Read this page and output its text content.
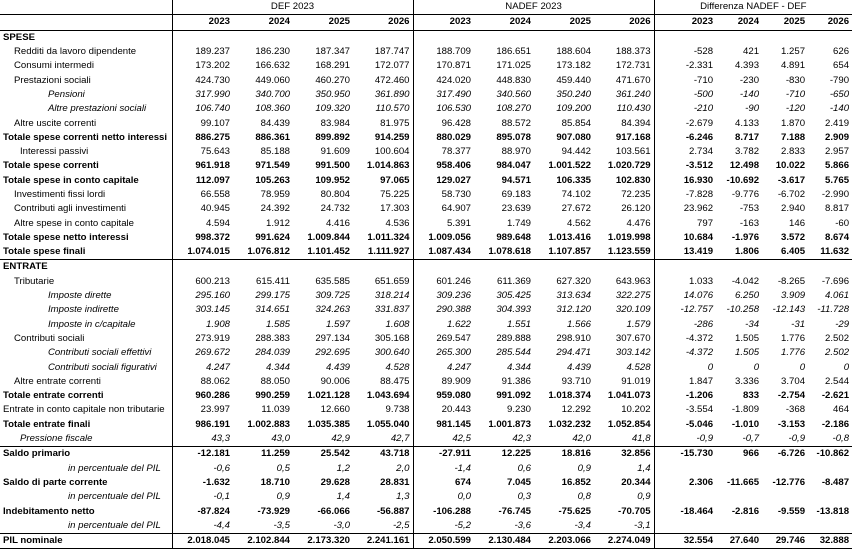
	DEF 2023				NADEF 2023				Differenza NADEF - DEF			
	2023	2024	2025	2026	2023	2024	2025	2026	2023	2024	2025	2026
SPESE												
Redditi da lavoro dipendente	189.237	186.230	187.347	187.747	188.709	186.651	188.604	188.373	-528	421	1.257	626
Consumi intermedi	173.202	166.632	168.291	172.077	170.871	171.025	173.182	172.731	-2.331	4.393	4.891	654
Prestazioni sociali	424.730	449.060	460.270	472.460	424.020	448.830	459.440	471.670	-710	-230	-830	-790
Pensioni	317.990	340.700	350.950	361.890	317.490	340.560	350.240	361.240	-500	-140	-710	-650
Altre prestazioni sociali	106.740	108.360	109.320	110.570	106.530	108.270	109.200	110.430	-210	-90	-120	-140
Altre uscite correnti	99.107	84.439	83.984	81.975	96.428	88.572	85.854	84.394	-2.679	4.133	1.870	2.419
Totale spese correnti netto interessi	886.275	886.361	899.892	914.259	880.029	895.078	907.080	917.168	-6.246	8.717	7.188	2.909
Interessi passivi	75.643	85.188	91.609	100.604	78.377	88.970	94.442	103.561	2.734	3.782	2.833	2.957
Totale spese correnti	961.918	971.549	991.500	1.014.863	958.406	984.047	1.001.522	1.020.729	-3.512	12.498	10.022	5.866
Totale spese in conto capitale	112.097	105.263	109.952	97.065	129.027	94.571	106.335	102.830	16.930	-10.692	-3.617	5.765
Investimenti fissi lordi	66.558	78.959	80.804	75.225	58.730	69.183	74.102	72.235	-7.828	-9.776	-6.702	-2.990
Contributi agli investimenti	40.945	24.392	24.732	17.303	64.907	23.639	27.672	26.120	23.962	-753	2.940	8.817
Altre spese in conto capitale	4.594	1.912	4.416	4.536	5.391	1.749	4.562	4.476	797	-163	146	-60
Totale spese netto interessi	998.372	991.624	1.009.844	1.011.324	1.009.056	989.648	1.013.416	1.019.998	10.684	-1.976	3.572	8.674
Totale spese finali	1.074.015	1.076.812	1.101.452	1.111.927	1.087.434	1.078.618	1.107.857	1.123.559	13.419	1.806	6.405	11.632
ENTRATE												
Tributarie	600.213	615.411	635.585	651.659	601.246	611.369	627.320	643.963	1.033	-4.042	-8.265	-7.696
Imposte dirette	295.160	299.175	309.725	318.214	309.236	305.425	313.634	322.275	14.076	6.250	3.909	4.061
Imposte indirette	303.145	314.651	324.263	331.837	290.388	304.393	312.120	320.109	-12.757	-10.258	-12.143	-11.728
Imposte in c/capitale	1.908	1.585	1.597	1.608	1.622	1.551	1.566	1.579	-286	-34	-31	-29
Contributi sociali	273.919	288.383	297.134	305.168	269.547	289.888	298.910	307.670	-4.372	1.505	1.776	2.502
Contributi sociali effettivi	269.672	284.039	292.695	300.640	265.300	285.544	294.471	303.142	-4.372	1.505	1.776	2.502
Contributi sociali figurativi	4.247	4.344	4.439	4.528	4.247	4.344	4.439	4.528	0	0	0	0
Altre entrate correnti	88.062	88.050	90.006	88.475	89.909	91.386	93.710	91.019	1.847	3.336	3.704	2.544
Totale entrate correnti	960.286	990.259	1.021.128	1.043.694	959.080	991.092	1.018.374	1.041.073	-1.206	833	-2.754	-2.621
Entrate in conto capitale non tributarie	23.997	11.039	12.660	9.738	20.443	9.230	12.292	10.202	-3.554	-1.809	-368	464
Totale entrate finali	986.191	1.002.883	1.035.385	1.055.040	981.145	1.001.873	1.032.232	1.052.854	-5.046	-1.010	-3.153	-2.186
Pressione fiscale	43,3	43,0	42,9	42,7	42,5	42,3	42,0	41,8	-0,9	-0,7	-0,9	-0,8
Saldo primario	-12.181	11.259	25.542	43.718	-27.911	12.225	18.816	32.856	-15.730	966	-6.726	-10.862
in percentuale del PIL	-0,6	0,5	1,2	2,0	-1,4	0,6	0,9	1,4				
Saldo di parte corrente	-1.632	18.710	29.628	28.831	674	7.045	16.852	20.344	2.306	-11.665	-12.776	-8.487
in percentuale del PIL	-0,1	0,9	1,4	1,3	0,0	0,3	0,8	0,9				
Indebitamento netto	-87.824	-73.929	-66.066	-56.887	-106.288	-76.745	-75.625	-70.705	-18.464	-2.816	-9.559	-13.818
in percentuale del PIL	-4,4	-3,5	-3,0	-2,5	-5,2	-3,6	-3,4	-3,1				
PIL nominale	2.018.045	2.102.844	2.173.320	2.241.161	2.050.599	2.130.484	2.203.066	2.274.049	32.554	27.640	29.746	32.888
